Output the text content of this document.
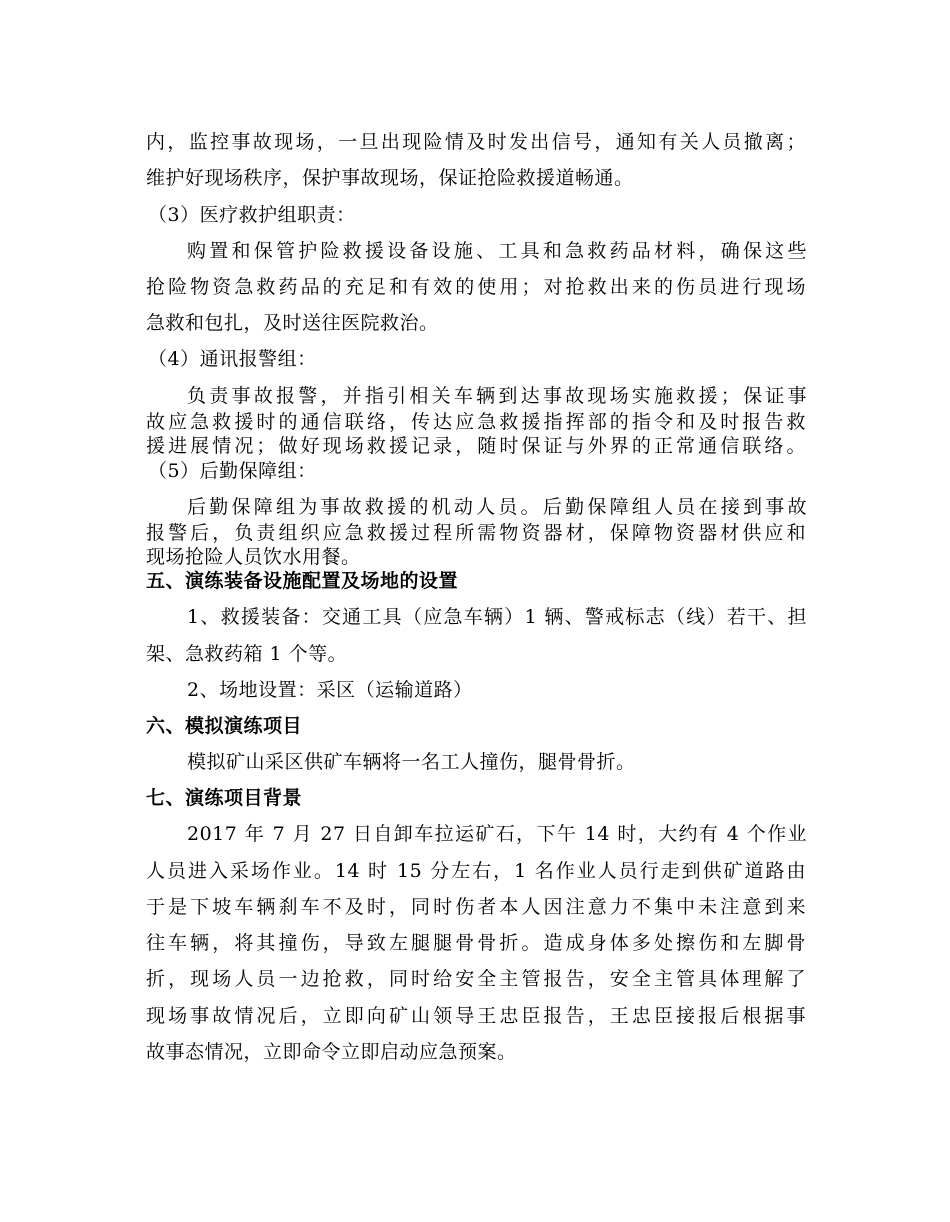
内，监控事故现场，一旦出现险情及时发出信号，通知有关人员撤离；
维护好现场秩序，保护事故现场，保证抢险救援道畅通。
（3）医疗救护组职责：
购置和保管护险救援设备设施、工具和急救药品材料，确保这些
抢险物资急救药品的充足和有效的使用；对抢救出来的伤员进行现场
急救和包扎，及时送往医院救治。
（4）通讯报警组：
负责事故报警，并指引相关车辆到达事故现场实施救援；保证事
故应急救援时的通信联络，传达应急救援指挥部的指令和及时报告救
援进展情况；做好现场救援记录，随时保证与外界的正常通信联络。
（5）后勤保障组：
后勤保障组为事故救援的机动人员。后勤保障组人员在接到事故
报警后，负责组织应急救援过程所需物资器材，保障物资器材供应和
现场抢险人员饮水用餐。
五、演练装备设施配置及场地的设置
1、救援装备：交通工具（应急车辆）1 辆、警戒标志（线）若干、担
架、急救药箱 1 个等。
2、场地设置：采区（运输道路）
六、模拟演练项目
模拟矿山采区供矿车辆将一名工人撞伤，腿骨骨折。
七、演练项目背景
2017 年 7 月 27 日自卸车拉运矿石，下午 14 时，大约有 4 个作业
人员进入采场作业。14 时 15 分左右，1 名作业人员行走到供矿道路由
于是下坡车辆刹车不及时，同时伤者本人因注意力不集中未注意到来
往车辆，将其撞伤，导致左腿腿骨骨折。造成身体多处擦伤和左脚骨
折，现场人员一边抢救，同时给安全主管报告，安全主管具体理解了
现场事故情况后，立即向矿山领导王忠臣报告，王忠臣接报后根据事
故事态情况，立即命令立即启动应急预案。
